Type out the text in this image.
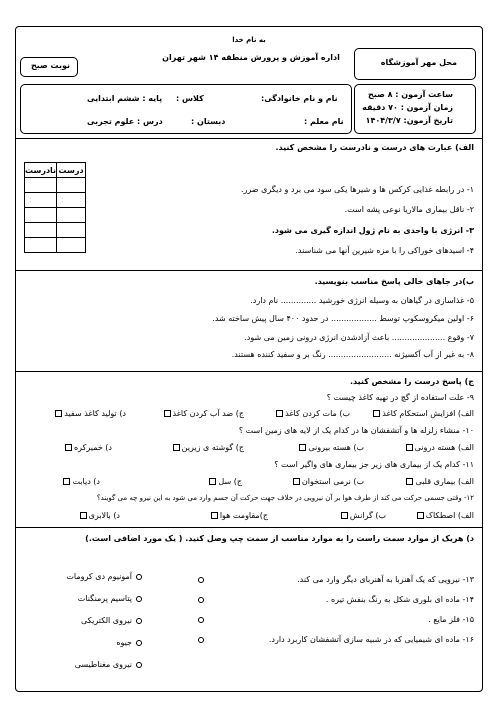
به نام خدا
اداره آموزش و پرورش منطقه ۱۴ شهر تهران
محل مهر آموزشگاه
نوبت صبح
ساعت آزمون : ۸ صبح
زمان آزمون : ۷۰ دقیقه
تاریخ آزمون: ۱۴۰۴/۳/۷
نام و نام خانوادگی:
کلاس :
پایه : ششم ابتدایی
نام معلم :
دبستان :
درس : علوم تجربی
الف) عبارت های درست و نادرست را مشخص کنید.
درست	نادرست

۱- در رابطه غذایی کرکس ها و شیرها یکی سود می برد و دیگری ضرر.
۲- ناقل بیماری مالاریا نوعی پشه است.
۳- انرژی با واحدی به نام ژول اندازه گیری می شود.
۴- اسیدهای خوراکی را با مزه شیرین آنها می شناسند.
ب)در جاهای خالی پاسخ مناسب بنویسید.
۵- غذاسازی در گیاهان به وسیله انرژی خورشید .............. نام دارد.
۶- اولین میکروسکوپ توسط .................. در حدود ۴۰۰ سال پیش ساخته شد.
۷- وقوع ..................... باعث آزادشدن انرژی درونی زمین می شود.
۸- به غیر از آب آکسیژنه ......................... رنگ بر و سفید کننده هستند.
ج) پاسخ درست را مشخص کنید.
۹- علت استفاده از گچ در تهیه کاغذ چیست ؟
الف) افزایش استحکام کاغذ
ب) مات کردن کاغذ
ج) ضد آب کردن کاغذ
د) تولید کاغذ سفید
۱۰- منشاء زلزله ها و آتشفشان ها در کدام یک از لایه های زمین است ؟
الف) هسته درونی
ب) هسته بیرونی
ج) گوشته ی زیرین
د) خمیرکره
۱۱- کدام یک از بیماری های زیر جز بیماری های واگیر است ؟
الف) بیماری قلبی
ب) نرمی استخوان
ج) سل
د) دیابت
۱۲- وقتی جسمی حرکت می کند از طرف هوا بر آن نیرویی در خلاف جهت حرکت آن جسم وارد می شود به این نیرو چه می گویند؟
الف) اصطکاک
ب) گرانش
ج)مقاومت هوا
د) بالابری
د) هریک از موارد سمت راست را به موارد مناسب از سمت چپ وصل کنید. ( یک مورد اضافی است.)
۱۳- نیرویی که یک آهنربا به آهنربای دیگر وارد می کند.
۱۴- ماده ای بلوری شکل به رنگ بنفش تیره .
۱۵- فلز مایع .
۱۶- ماده ای شیمیایی که در شبیه سازی آتشفشان کاربرد دارد.
آمونیوم دی کرومات
پتاسیم پرمنگنات
نیروی الکتریکی
جیوه
نیروی مغناطیسی
